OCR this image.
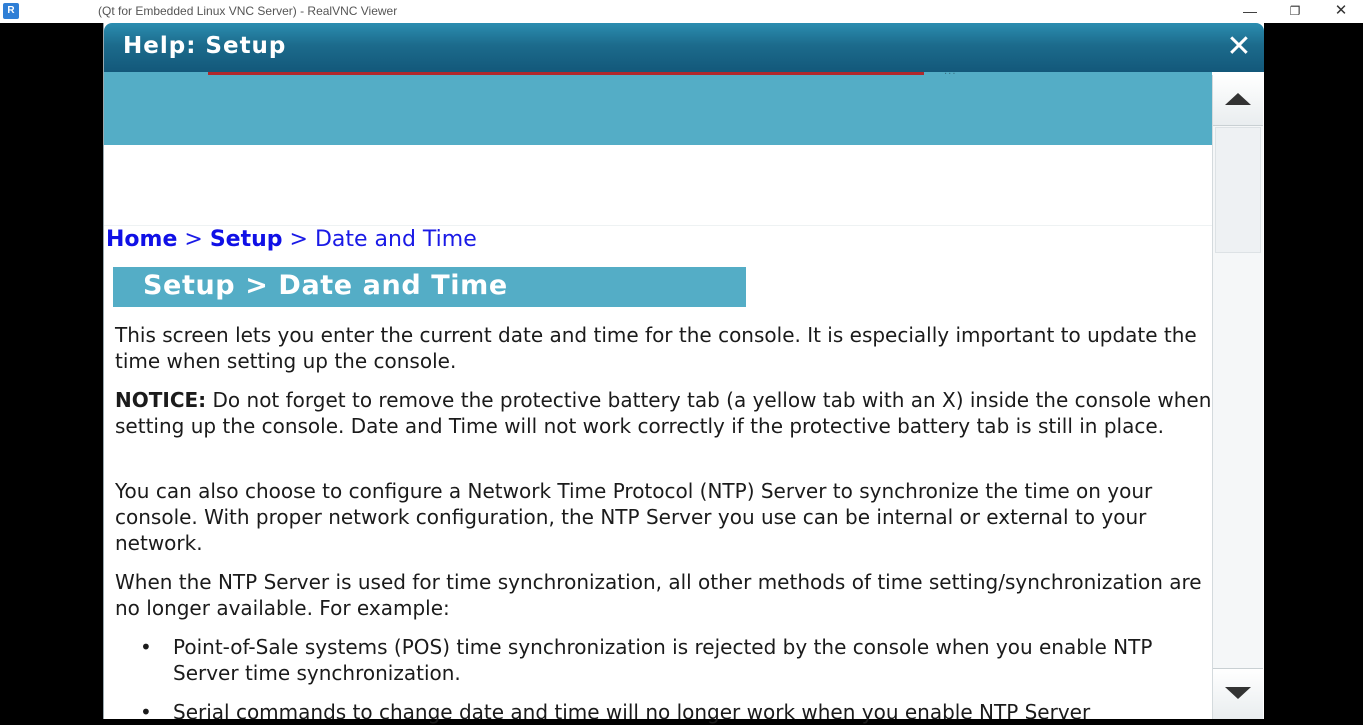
R	(Qt for Embedded Linux VNC Server) - RealVNC Viewer	—	❐	✕
Help: Setup	✕
...
Home > Setup > Date and Time
Setup > Date and Time

This screen lets you enter the current date and time for the console. It is especially important to update the time when setting up the console.

NOTICE: Do not forget to remove the protective battery tab (a yellow tab with an X) inside the console when setting up the console. Date and Time will not work correctly if the protective battery tab is still in place.

You can also choose to configure a Network Time Protocol (NTP) Server to synchronize the time on your console. With proper network configuration, the NTP Server you use can be internal or external to your network.

When the NTP Server is used for time synchronization, all other methods of time setting/synchronization are no longer available. For example:

• Point-of-Sale systems (POS) time synchronization is rejected by the console when you enable NTP Server time synchronization.
• Serial commands to change date and time will no longer work when you enable NTP Server
